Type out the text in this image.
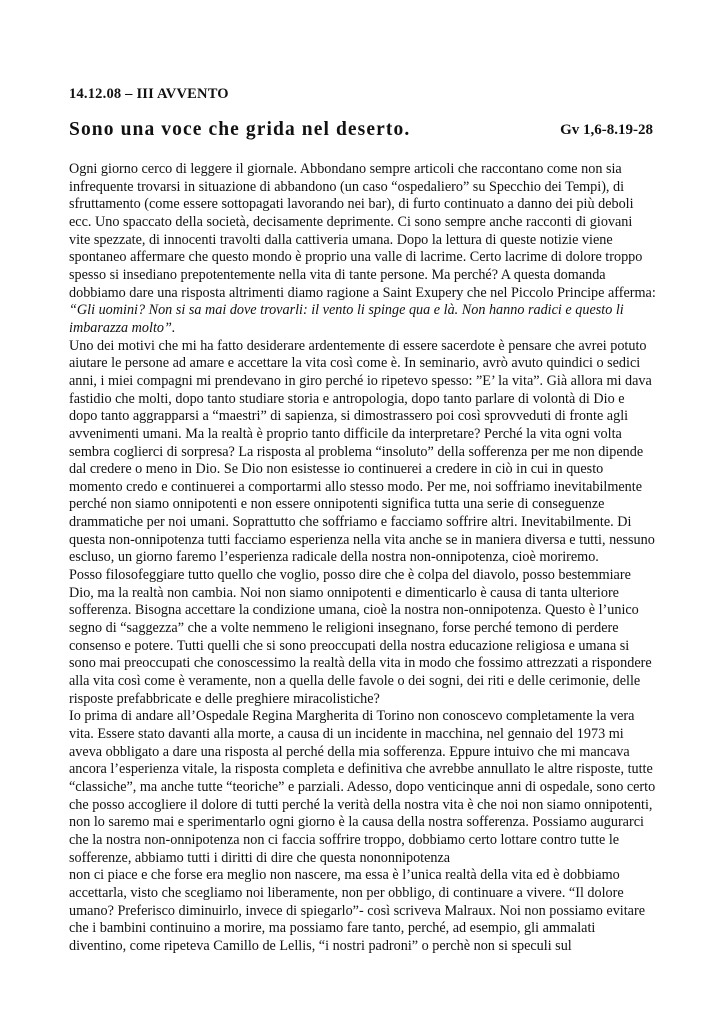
14.12.08 – III AVVENTO
Sono una voce che grida nel deserto.	Gv 1,6-8.19-28

Ogni giorno cerco di leggere il giornale. Abbondano sempre articoli che raccontano come non sia infrequente trovarsi in situazione di abbandono (un caso “ospedaliero” su Specchio dei Tempi), di sfruttamento (come essere sottopagati lavorando nei bar), di furto continuato a danno dei più deboli ecc. Uno spaccato della società, decisamente deprimente. Ci sono sempre anche racconti di giovani vite spezzate, di innocenti travolti dalla cattiveria umana. Dopo la lettura di queste notizie viene spontaneo affermare che questo mondo è proprio una valle di lacrime. Certo lacrime di dolore troppo spesso si insediano prepotentemente nella vita di tante persone. Ma perché? A questa domanda dobbiamo dare una risposta altrimenti diamo ragione a Saint Exupery che nel Piccolo Principe afferma: “Gli uomini? Non si sa mai dove trovarli: il vento li spinge qua e là. Non hanno radici e questo li imbarazza molto”.

Uno dei motivi che mi ha fatto desiderare ardentemente di essere sacerdote è pensare che avrei potuto aiutare le persone ad amare e accettare la vita così come è. In seminario, avrò avuto quindici o sedici anni, i miei compagni mi prendevano in giro perché io ripetevo spesso: ”E’ la vita”. Già allora mi dava fastidio che molti, dopo tanto studiare storia e antropologia, dopo tanto parlare di volontà di Dio e dopo tanto aggrapparsi a “maestri” di sapienza, si dimostrassero poi così sprovveduti di fronte agli avvenimenti umani. Ma la realtà è proprio tanto difficile da interpretare? Perché la vita ogni volta sembra coglierci di sorpresa? La risposta al problema “insoluto” della sofferenza per me non dipende dal credere o meno in Dio. Se Dio non esistesse io continuerei a credere in ciò in cui in questo momento credo e continuerei a comportarmi allo stesso modo. Per me, noi soffriamo inevitabilmente perché non siamo onnipotenti e non essere onnipotenti significa tutta una serie di conseguenze drammatiche per noi umani. Soprattutto che soffriamo e facciamo soffrire altri. Inevitabilmente. Di questa non-onnipotenza tutti facciamo esperienza nella vita anche se in maniera diversa e tutti, nessuno escluso, un giorno faremo l’esperienza radicale della nostra non-onnipotenza, cioè moriremo.

Posso filosofeggiare tutto quello che voglio, posso dire che è colpa del diavolo, posso bestemmiare Dio, ma la realtà non cambia. Noi non siamo onnipotenti e dimenticarlo è causa di tanta ulteriore sofferenza. Bisogna accettare la condizione umana, cioè la nostra non-onnipotenza. Questo è l’unico segno di “saggezza” che a volte nemmeno le religioni insegnano, forse perché temono di perdere consenso e potere. Tutti quelli che si sono preoccupati della nostra educazione religiosa e umana si sono mai preoccupati che conoscessimo la realtà della vita in modo che fossimo attrezzati a rispondere alla vita così come è veramente, non a quella delle favole o dei sogni, dei riti e delle cerimonie, delle risposte prefabbricate e delle preghiere miracolistiche?

Io prima di andare all’Ospedale Regina Margherita di Torino non conoscevo completamente la vera vita. Essere stato davanti alla morte, a causa di un incidente in macchina, nel gennaio del 1973 mi aveva obbligato a dare una risposta al perché della mia sofferenza. Eppure intuivo che mi mancava ancora l’esperienza vitale, la risposta completa e definitiva che avrebbe annullato le altre risposte, tutte “classiche”, ma anche tutte “teoriche” e parziali. Adesso, dopo venticinque anni di ospedale, sono certo che posso accogliere il dolore di tutti perché la verità della nostra vita è che noi non siamo onnipotenti, non lo saremo mai e sperimentarlo ogni giorno è la causa della nostra sofferenza. Possiamo augurarci che la nostra non-onnipotenza non ci faccia soffrire troppo, dobbiamo certo lottare contro tutte le sofferenze, abbiamo tutti i diritti di dire che questa nononnipotenza

non ci piace e che forse era meglio non nascere, ma essa è l’unica realtà della vita ed è dobbiamo accettarla, visto che scegliamo noi liberamente, non per obbligo, di continuare a vivere. “Il dolore umano? Preferisco diminuirlo, invece di spiegarlo”- così scriveva Malraux. Noi non possiamo evitare che i bambini continuino a morire, ma possiamo fare tanto, perché, ad esempio, gli ammalati diventino, come ripeteva Camillo de Lellis, “i nostri padroni” o perchè non si speculi sul
